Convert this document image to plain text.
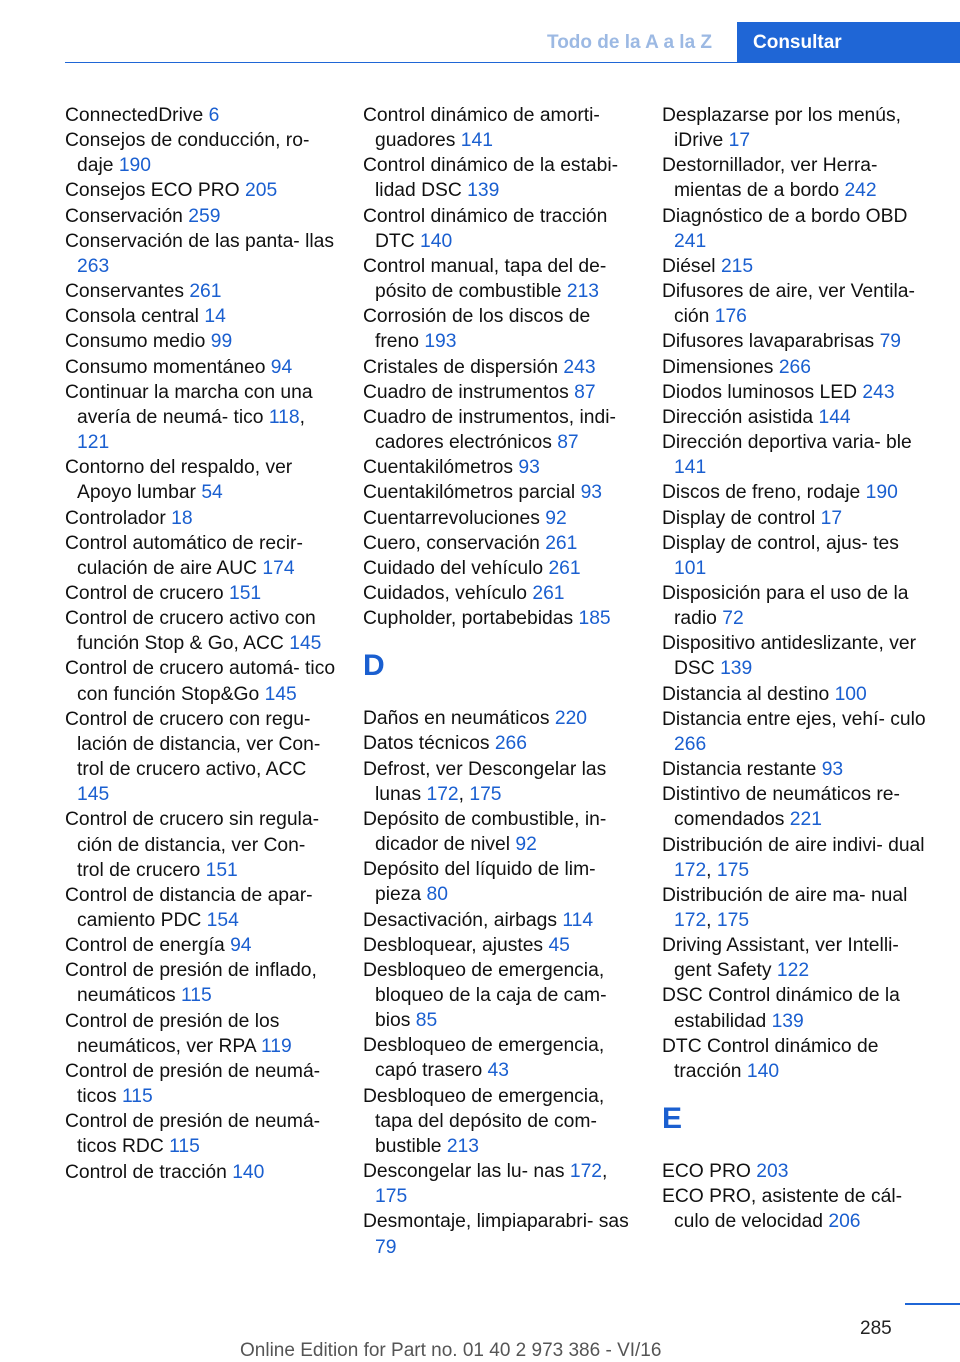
Todo de la A a la Z	Consultar
ConnectedDrive 6
Consejos de conducción, ro‐ daje 190
Consejos ECO PRO 205
Conservación 259
Conservación de las panta‐ llas 263
Conservantes 261
Consola central 14
Consumo medio 99
Consumo momentáneo 94
Continuar la marcha con una avería de neumá‐ tico 118, 121
Contorno del respaldo, ver Apoyo lumbar 54
Controlador 18
Control automático de recir‐ culación de aire AUC 174
Control de crucero 151
Control de crucero activo con función Stop & Go, ACC 145
Control de crucero automá‐ tico con función Stop&Go 145
Control de crucero con regu‐ lación de distancia, ver Con‐ trol de crucero activo, ACC 145
Control de crucero sin regula‐ ción de distancia, ver Con‐ trol de crucero 151
Control de distancia de apar‐ camiento PDC 154
Control de energía 94
Control de presión de inflado, neumáticos 115
Control de presión de los neumáticos, ver RPA 119
Control de presión de neumá‐ ticos 115
Control de presión de neumá‐ ticos RDC 115
Control de tracción 140
Control dinámico de amorti‐ guadores 141
Control dinámico de la estabi‐ lidad DSC 139
Control dinámico de tracción DTC 140
Control manual, tapa del de‐ pósito de combustible 213
Corrosión de los discos de freno 193
Cristales de dispersión 243
Cuadro de instrumentos 87
Cuadro de instrumentos, indi‐ cadores electrónicos 87
Cuentakilómetros 93
Cuentakilómetros parcial 93
Cuentarrevoluciones 92
Cuero, conservación 261
Cuidado del vehículo 261
Cuidados, vehículo 261
Cupholder, portabebidas 185
D
Daños en neumáticos 220
Datos técnicos 266
Defrost, ver Descongelar las lunas 172, 175
Depósito de combustible, in‐ dicador de nivel 92
Depósito del líquido de lim‐ pieza 80
Desactivación, airbags 114
Desbloquear, ajustes 45
Desbloqueo de emergencia, bloqueo de la caja de cam‐ bios 85
Desbloqueo de emergencia, capó trasero 43
Desbloqueo de emergencia, tapa del depósito de com‐ bustible 213
Descongelar las lu‐ nas 172, 175
Desmontaje, limpiaparabri‐ sas 79
Desplazarse por los menús, iDrive 17
Destornillador, ver Herra‐ mientas de a bordo 242
Diagnóstico de a bordo OBD 241
Diésel 215
Difusores de aire, ver Ventila‐ ción 176
Difusores lavaparabrisas 79
Dimensiones 266
Diodos luminosos LED 243
Dirección asistida 144
Dirección deportiva varia‐ ble 141
Discos de freno, rodaje 190
Display de control 17
Display de control, ajus‐ tes 101
Disposición para el uso de la radio 72
Dispositivo antideslizante, ver DSC 139
Distancia al destino 100
Distancia entre ejes, vehí‐ culo 266
Distancia restante 93
Distintivo de neumáticos re‐ comendados 221
Distribución de aire indivi‐ dual 172, 175
Distribución de aire ma‐ nual 172, 175
Driving Assistant, ver Intelli‐ gent Safety 122
DSC Control dinámico de la estabilidad 139
DTC Control dinámico de tracción 140
E
ECO PRO 203
ECO PRO, asistente de cál‐ culo de velocidad 206
285
Online Edition for Part no. 01 40 2 973 386 - VI/16
